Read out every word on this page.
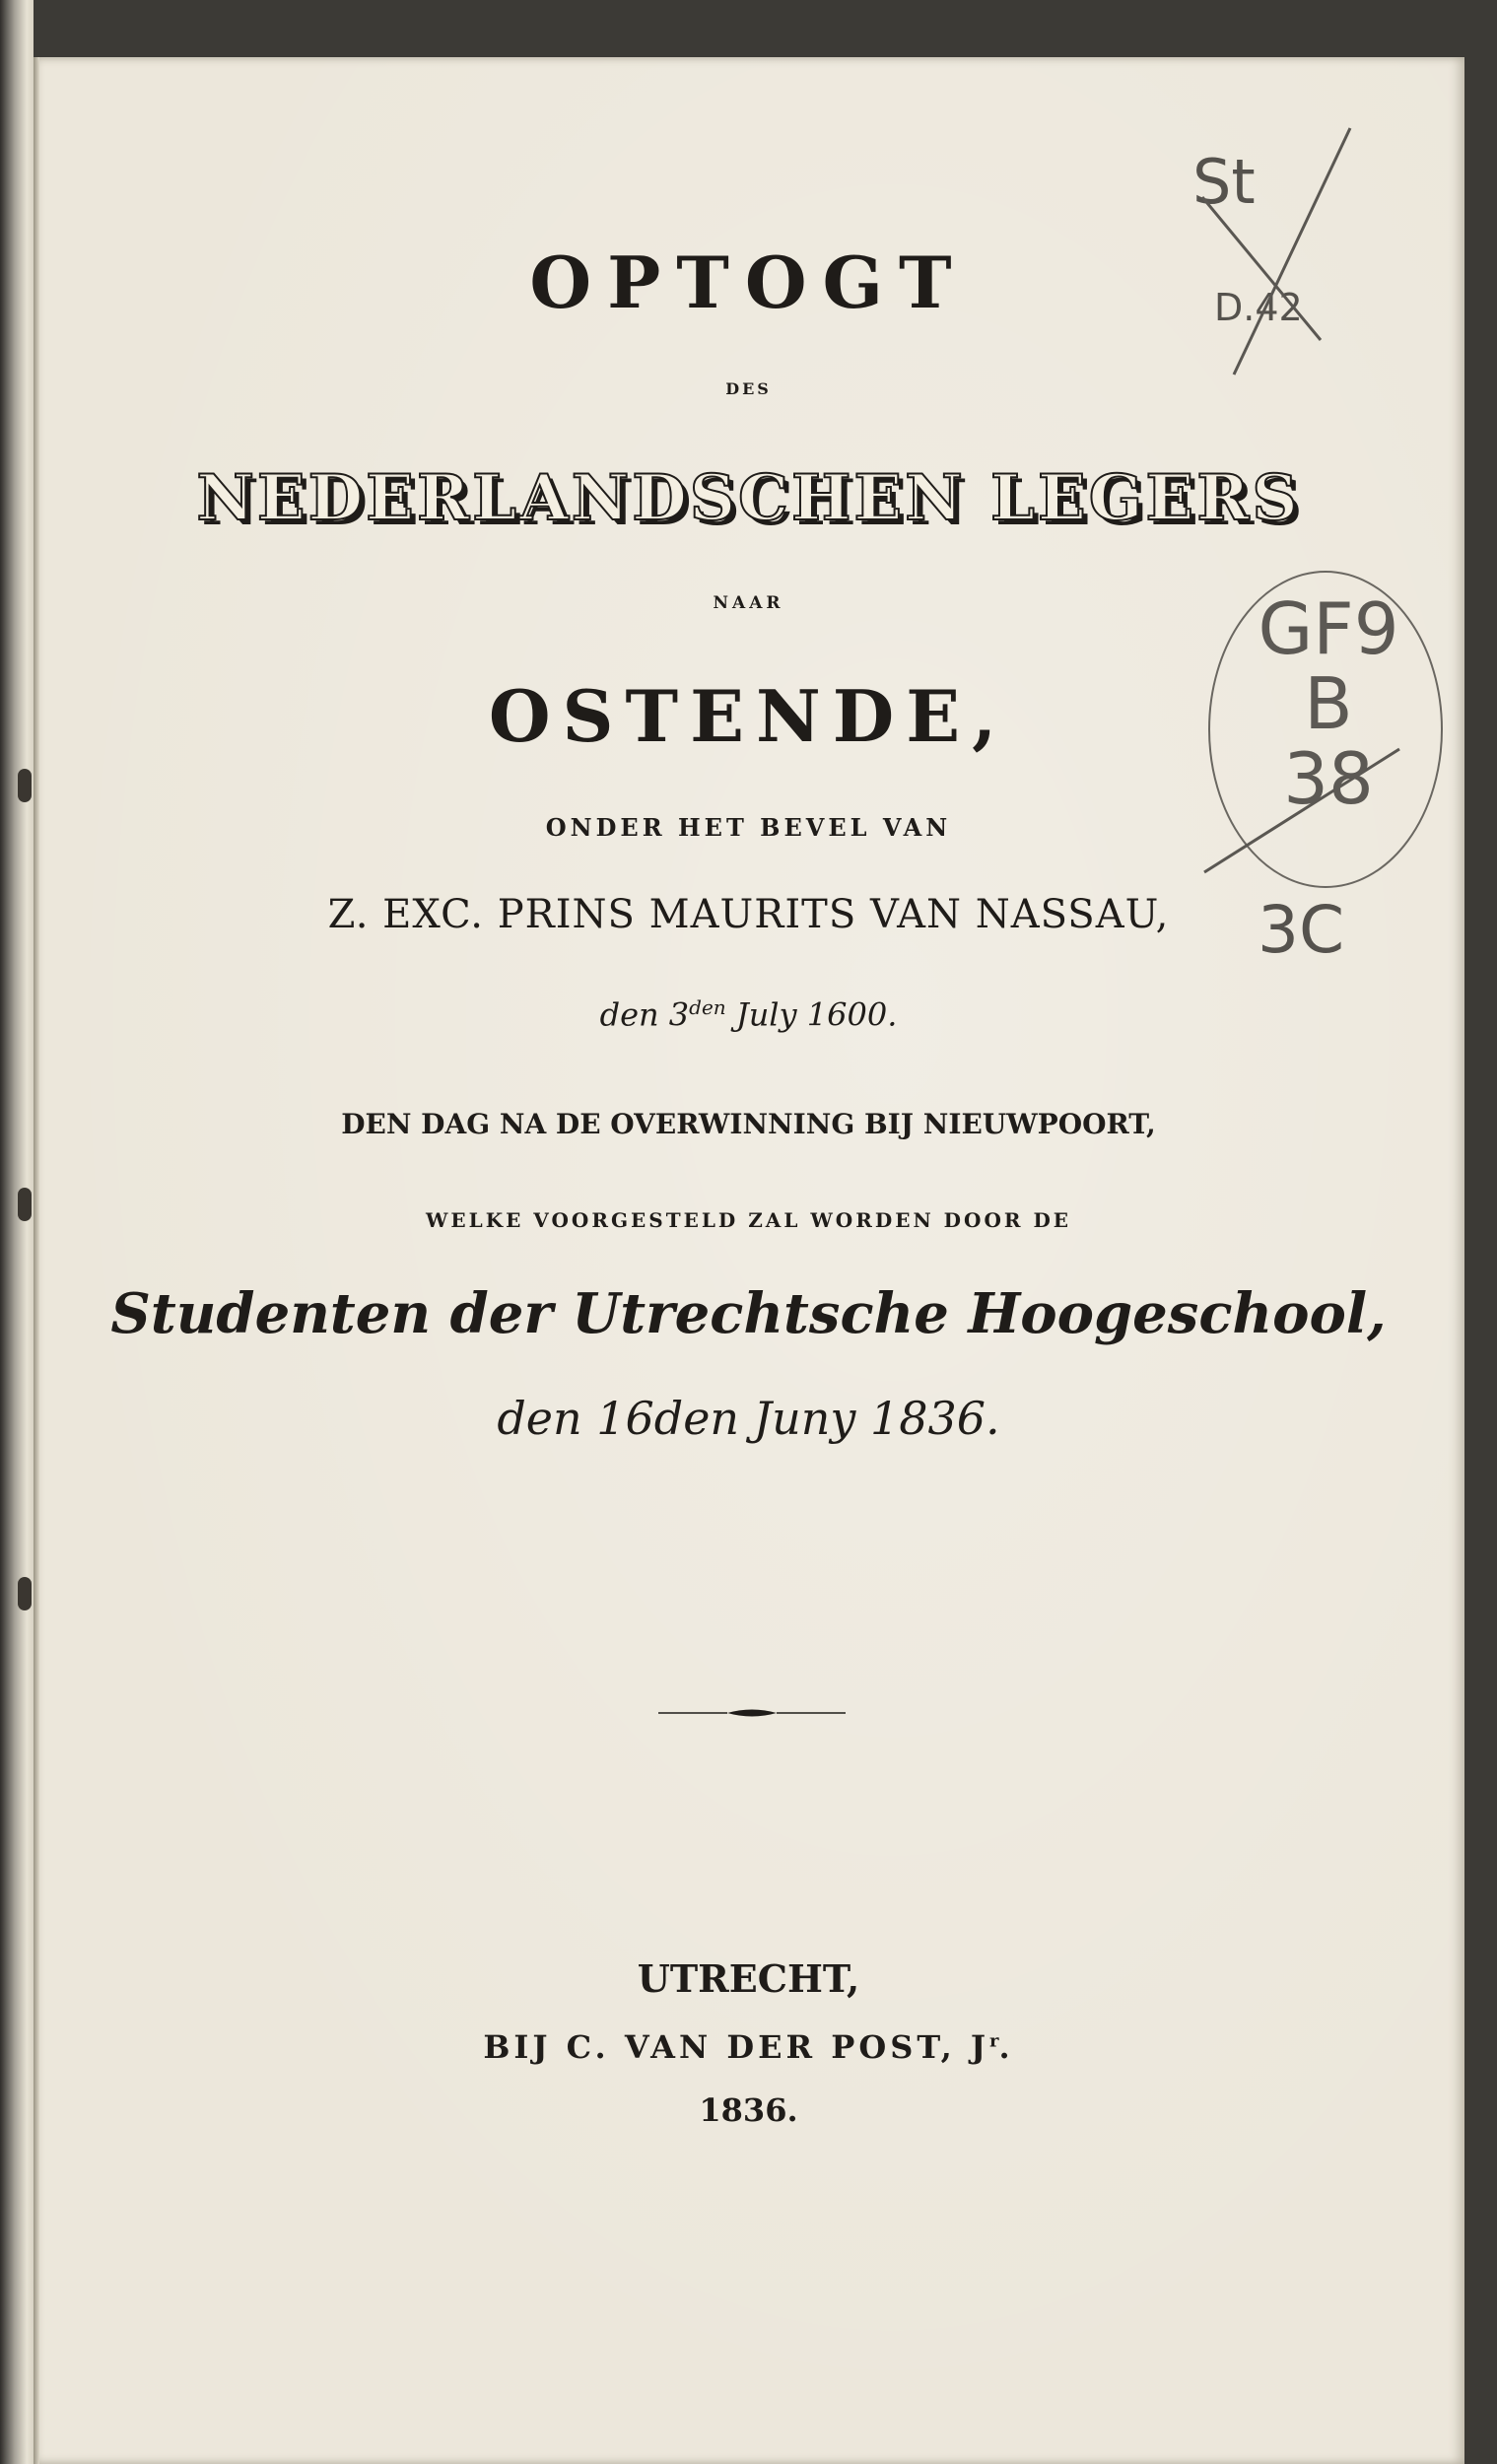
OPTOGT
DES
NEDERLANDSCHEN LEGERS
NAAR
OSTENDE,
ONDER HET BEVEL VAN
Z. EXC. PRINS MAURITS VAN NASSAU,
den $3^{den}$ July 1600.
DEN DAG NA DE OVERWINNING BIJ NIEUWPOORT,
WELKE VOORGESTELD ZAL WORDEN DOOR DE
Studenten der Utrechtsche Hoogeschool,
den 16den Juny 1836.
UTRECHT,
BIJ C. VAN DER POST, $J^r$.
1836.
St
D.42
GF9
B
38
3C
